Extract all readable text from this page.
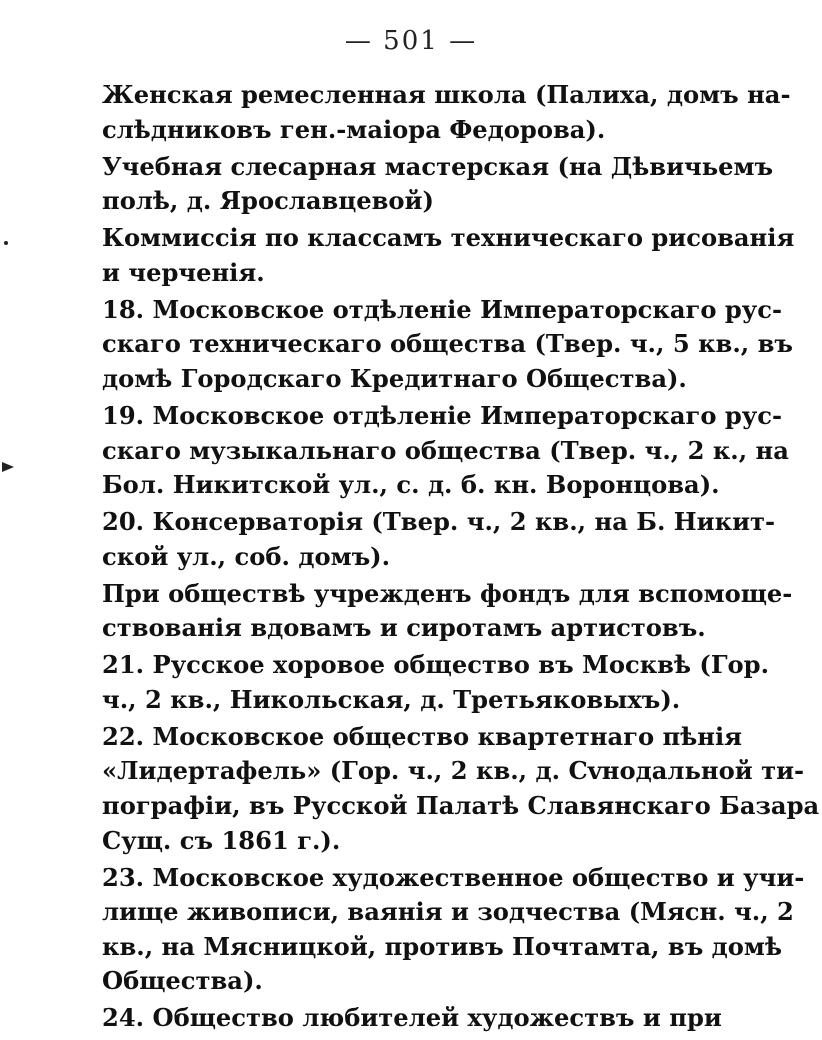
— 501 —

Женская ремесленная школа (Палиха, домъ на-
слѣдниковъ ген.-маiора Федорова).

Учебная слесарная мастерская (на Дѣвичьемъ
полѣ, д. Ярославцевой)

Коммиссiя по классамъ техническаго рисованiя
и черченiя.

18. Московское отдѣленiе Императорскаго рус-
скаго техническаго общества (Твер. ч., 5 кв., въ
домѣ Городскаго Кредитнаго Общества).

19. Московское отдѣленiе Императорскаго рус-
скаго музыкальнаго общества (Твер. ч., 2 к., на
Бол. Никитской ул., с. д. б. кн. Воронцова).

20. Консерваторiя (Твер. ч., 2 кв., на Б. Никит-
ской ул., соб. домъ).

При обществѣ учрежденъ фондъ для вспомоще-
ствованiя вдовамъ и сиротамъ артистовъ.

21. Русское хоровое общество въ Москвѣ (Гор.
ч., 2 кв., Никольская, д. Третьяковыхъ).

22. Московское общество квартетнаго пѣнiя
«Лидертафель» (Гор. ч., 2 кв., д. Сvнодальной ти-
пографiи, въ Русской Палатѣ Славянскаго Базара
Сущ. съ 1861 г.).

23. Московское художественное общество и учи-
лище живописи, ваянiя и зодчества (Мясн. ч., 2
кв., на Мясницкой, противъ Почтамта, въ домѣ
Общества).

24. Общество любителей художествъ и при
